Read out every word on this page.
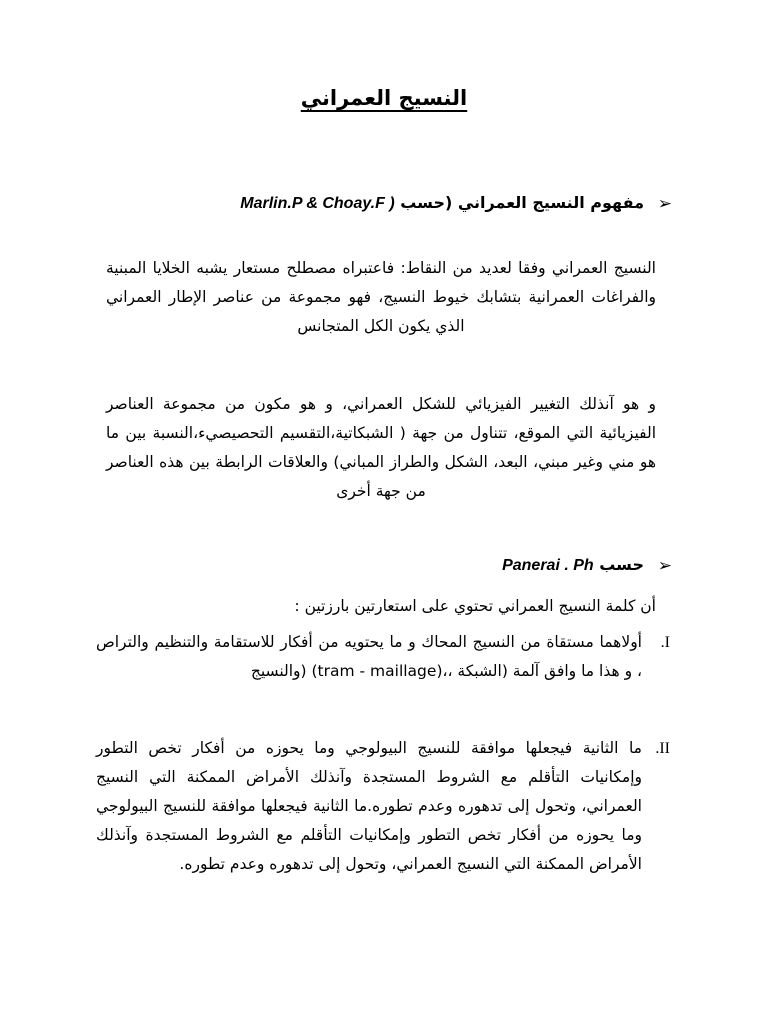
النسيج العمراني
➢
مفهوم النسيج العمراني (حسب Marlin.P & Choay.F )
النسيج العمراني وفقا لعديد من النقاط: فاعتبراه مصطلح مستعار يشبه الخلايا المبنية والفراغات العمرانية بتشابك خيوط النسيج، فهو مجموعة من عناصر الإطار العمراني الذي يكون الكل المتجانس
و هو آنذلك التغيير الفيزيائي للشكل العمراني، و هو مكون من مجموعة العناصر الفيزيائية التي الموقع، تتناول من جهة ( الشبكاتية،التقسيم التحصيصيء،النسبة بين ما هو مني وغير مبني، البعد، الشكل والطراز المباني) والعلاقات الرابطة بين هذه العناصر من جهة أخرى
➢
حسب Panerai . Ph
أن كلمة النسيج العمراني تحتوي على استعارتين بارزتين :
I.
أولاهما مستقاة من النسيج المحاك و ما يحتويه من أفكار للاستقامة والتنظيم والتراص ، و هذا ما وافق آلمة (الشبكة ،،(tram - maillage) (والنسيج
II.
ما الثانية فيجعلها موافقة للنسيج البيولوجي وما يحوزه من أفكار تخص التطور وإمكانيات التأقلم مع الشروط المستجدة وآنذلك الأمراض الممكنة التي النسيج العمراني، وتحول إلى تدهوره وعدم تطوره.ما الثانية فيجعلها موافقة للنسيج البيولوجي وما يحوزه من أفكار تخص التطور وإمكانيات التأقلم مع الشروط المستجدة وآنذلك الأمراض الممكنة التي النسيج العمراني، وتحول إلى تدهوره وعدم تطوره.
